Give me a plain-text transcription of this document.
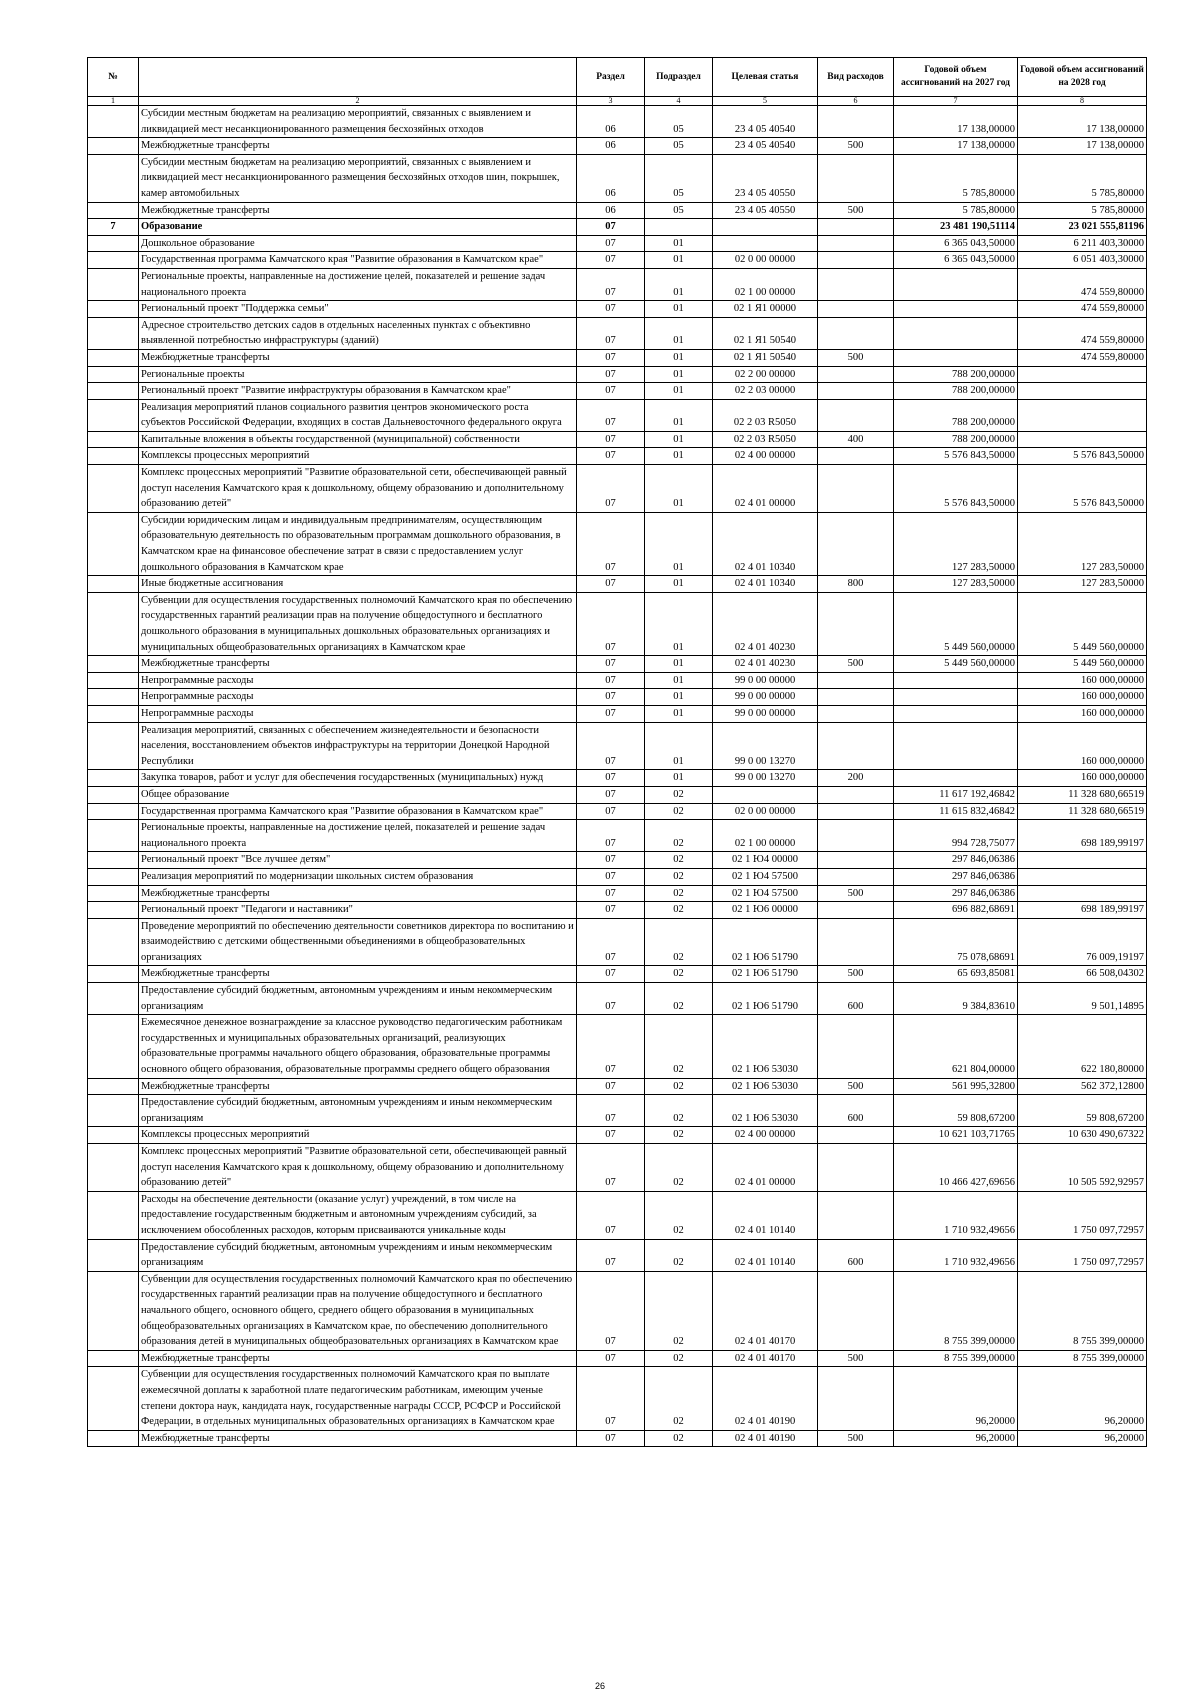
№		Раздел	Подраздел	Целевая статья	Вид расходов	Годовой объем ассигнований на 2027 год	Годовой объем ассигнований на 2028 год
1	2	3	4	5	6	7	8
	Субсидии местным бюджетам на реализацию мероприятий, связанных с выявлением и ликвидацией мест несанкционированного размещения бесхозяйных отходов	06	05	23 4 05 40540		17 138,00000	17 138,00000
	Межбюджетные трансферты	06	05	23 4 05 40540	500	17 138,00000	17 138,00000
	Субсидии местным бюджетам на реализацию мероприятий, связанных с выявлением и ликвидацией мест несанкционированного размещения бесхозяйных отходов шин, покрышек, камер автомобильных	06	05	23 4 05 40550		5 785,80000	5 785,80000
	Межбюджетные трансферты	06	05	23 4 05 40550	500	5 785,80000	5 785,80000
7	Образование	07				23 481 190,51114	23 021 555,81196
	Дошкольное образование	07	01			6 365 043,50000	6 211 403,30000
	Государственная программа Камчатского края "Развитие образования в Камчатском крае"	07	01	02 0 00 00000		6 365 043,50000	6 051 403,30000
	Региональные проекты, направленные на достижение целей, показателей и решение задач национального проекта	07	01	02 1 00 00000			474 559,80000
	Региональный проект "Поддержка семьи"	07	01	02 1 Я1 00000			474 559,80000
	Адресное строительство детских садов в отдельных населенных пунктах с объективно выявленной потребностью инфраструктуры (зданий)	07	01	02 1 Я1 50540			474 559,80000
	Межбюджетные трансферты	07	01	02 1 Я1 50540	500		474 559,80000
	Региональные проекты	07	01	02 2 00 00000		788 200,00000	
	Региональный проект "Развитие инфраструктуры образования в Камчатском крае"	07	01	02 2 03 00000		788 200,00000	
	Реализация мероприятий планов социального развития центров экономического роста субъектов Российской Федерации, входящих в состав Дальневосточного федерального округа	07	01	02 2 03 R5050		788 200,00000	
	Капитальные вложения в объекты государственной (муниципальной) собственности	07	01	02 2 03 R5050	400	788 200,00000	
	Комплексы процессных мероприятий	07	01	02 4 00 00000		5 576 843,50000	5 576 843,50000
	Комплекс процессных мероприятий "Развитие образовательной сети, обеспечивающей равный доступ населения Камчатского края к дошкольному, общему образованию и дополнительному образованию детей"	07	01	02 4 01 00000		5 576 843,50000	5 576 843,50000
	Субсидии юридическим лицам и индивидуальным предпринимателям, осуществляющим образовательную деятельность по образовательным программам дошкольного образования, в Камчатском крае на финансовое обеспечение затрат в связи с предоставлением услуг дошкольного образования в Камчатском крае	07	01	02 4 01 10340		127 283,50000	127 283,50000
	Иные бюджетные ассигнования	07	01	02 4 01 10340	800	127 283,50000	127 283,50000
	Субвенции для осуществления государственных полномочий Камчатского края по обеспечению государственных гарантий реализации прав на получение общедоступного и бесплатного дошкольного образования в муниципальных дошкольных образовательных организациях и муниципальных общеобразовательных организациях в Камчатском крае	07	01	02 4 01 40230		5 449 560,00000	5 449 560,00000
	Межбюджетные трансферты	07	01	02 4 01 40230	500	5 449 560,00000	5 449 560,00000
	Непрограммные расходы	07	01	99 0 00 00000			160 000,00000
	Непрограммные расходы	07	01	99 0 00 00000			160 000,00000
	Непрограммные расходы	07	01	99 0 00 00000			160 000,00000
	Реализация мероприятий, связанных с обеспечением жизнедеятельности и безопасности населения, восстановлением объектов инфраструктуры на территории Донецкой Народной Республики	07	01	99 0 00 13270			160 000,00000
	Закупка товаров, работ и услуг для обеспечения государственных (муниципальных) нужд	07	01	99 0 00 13270	200		160 000,00000
	Общее образование	07	02			11 617 192,46842	11 328 680,66519
	Государственная программа Камчатского края "Развитие образования в Камчатском крае"	07	02	02 0 00 00000		11 615 832,46842	11 328 680,66519
	Региональные проекты, направленные на достижение целей, показателей и решение задач национального проекта	07	02	02 1 00 00000		994 728,75077	698 189,99197
	Региональный проект "Все лучшее детям"	07	02	02 1 Ю4 00000		297 846,06386	
	Реализация мероприятий по модернизации школьных систем образования	07	02	02 1 Ю4 57500		297 846,06386	
	Межбюджетные трансферты	07	02	02 1 Ю4 57500	500	297 846,06386	
	Региональный проект "Педагоги и наставники"	07	02	02 1 Ю6 00000		696 882,68691	698 189,99197
	Проведение мероприятий по обеспечению деятельности советников директора по воспитанию и взаимодействию с детскими общественными объединениями в общеобразовательных организациях	07	02	02 1 Ю6 51790		75 078,68691	76 009,19197
	Межбюджетные трансферты	07	02	02 1 Ю6 51790	500	65 693,85081	66 508,04302
	Предоставление субсидий бюджетным, автономным учреждениям и иным некоммерческим организациям	07	02	02 1 Ю6 51790	600	9 384,83610	9 501,14895
	Ежемесячное денежное вознаграждение за классное руководство педагогическим работникам государственных и муниципальных образовательных организаций, реализующих образовательные программы начального общего образования, образовательные программы основного общего образования, образовательные программы среднего общего образования	07	02	02 1 Ю6 53030		621 804,00000	622 180,80000
	Межбюджетные трансферты	07	02	02 1 Ю6 53030	500	561 995,32800	562 372,12800
	Предоставление субсидий бюджетным, автономным учреждениям и иным некоммерческим организациям	07	02	02 1 Ю6 53030	600	59 808,67200	59 808,67200
	Комплексы процессных мероприятий	07	02	02 4 00 00000		10 621 103,71765	10 630 490,67322
	Комплекс процессных мероприятий "Развитие образовательной сети, обеспечивающей равный доступ населения Камчатского края к дошкольному, общему образованию и дополнительному образованию детей"	07	02	02 4 01 00000		10 466 427,69656	10 505 592,92957
	Расходы на обеспечение деятельности (оказание услуг) учреждений, в том числе на предоставление государственным бюджетным и автономным учреждениям субсидий, за исключением обособленных расходов, которым присваиваются уникальные коды	07	02	02 4 01 10140		1 710 932,49656	1 750 097,72957
	Предоставление субсидий бюджетным, автономным учреждениям и иным некоммерческим организациям	07	02	02 4 01 10140	600	1 710 932,49656	1 750 097,72957
	Субвенции для осуществления государственных полномочий Камчатского края по обеспечению государственных гарантий реализации прав на получение общедоступного и бесплатного начального общего, основного общего, среднего общего образования в муниципальных общеобразовательных организациях в Камчатском крае, по обеспечению дополнительного образования детей в муниципальных общеобразовательных организациях в Камчатском крае	07	02	02 4 01 40170		8 755 399,00000	8 755 399,00000
	Межбюджетные трансферты	07	02	02 4 01 40170	500	8 755 399,00000	8 755 399,00000
	Субвенции для осуществления государственных полномочий Камчатского края по выплате ежемесячной доплаты к заработной плате педагогическим работникам, имеющим ученые степени доктора наук, кандидата наук, государственные награды СССР, РСФСР и Российской Федерации, в отдельных муниципальных образовательных организациях в Камчатском крае	07	02	02 4 01 40190		96,20000	96,20000
	Межбюджетные трансферты	07	02	02 4 01 40190	500	96,20000	96,20000
26
